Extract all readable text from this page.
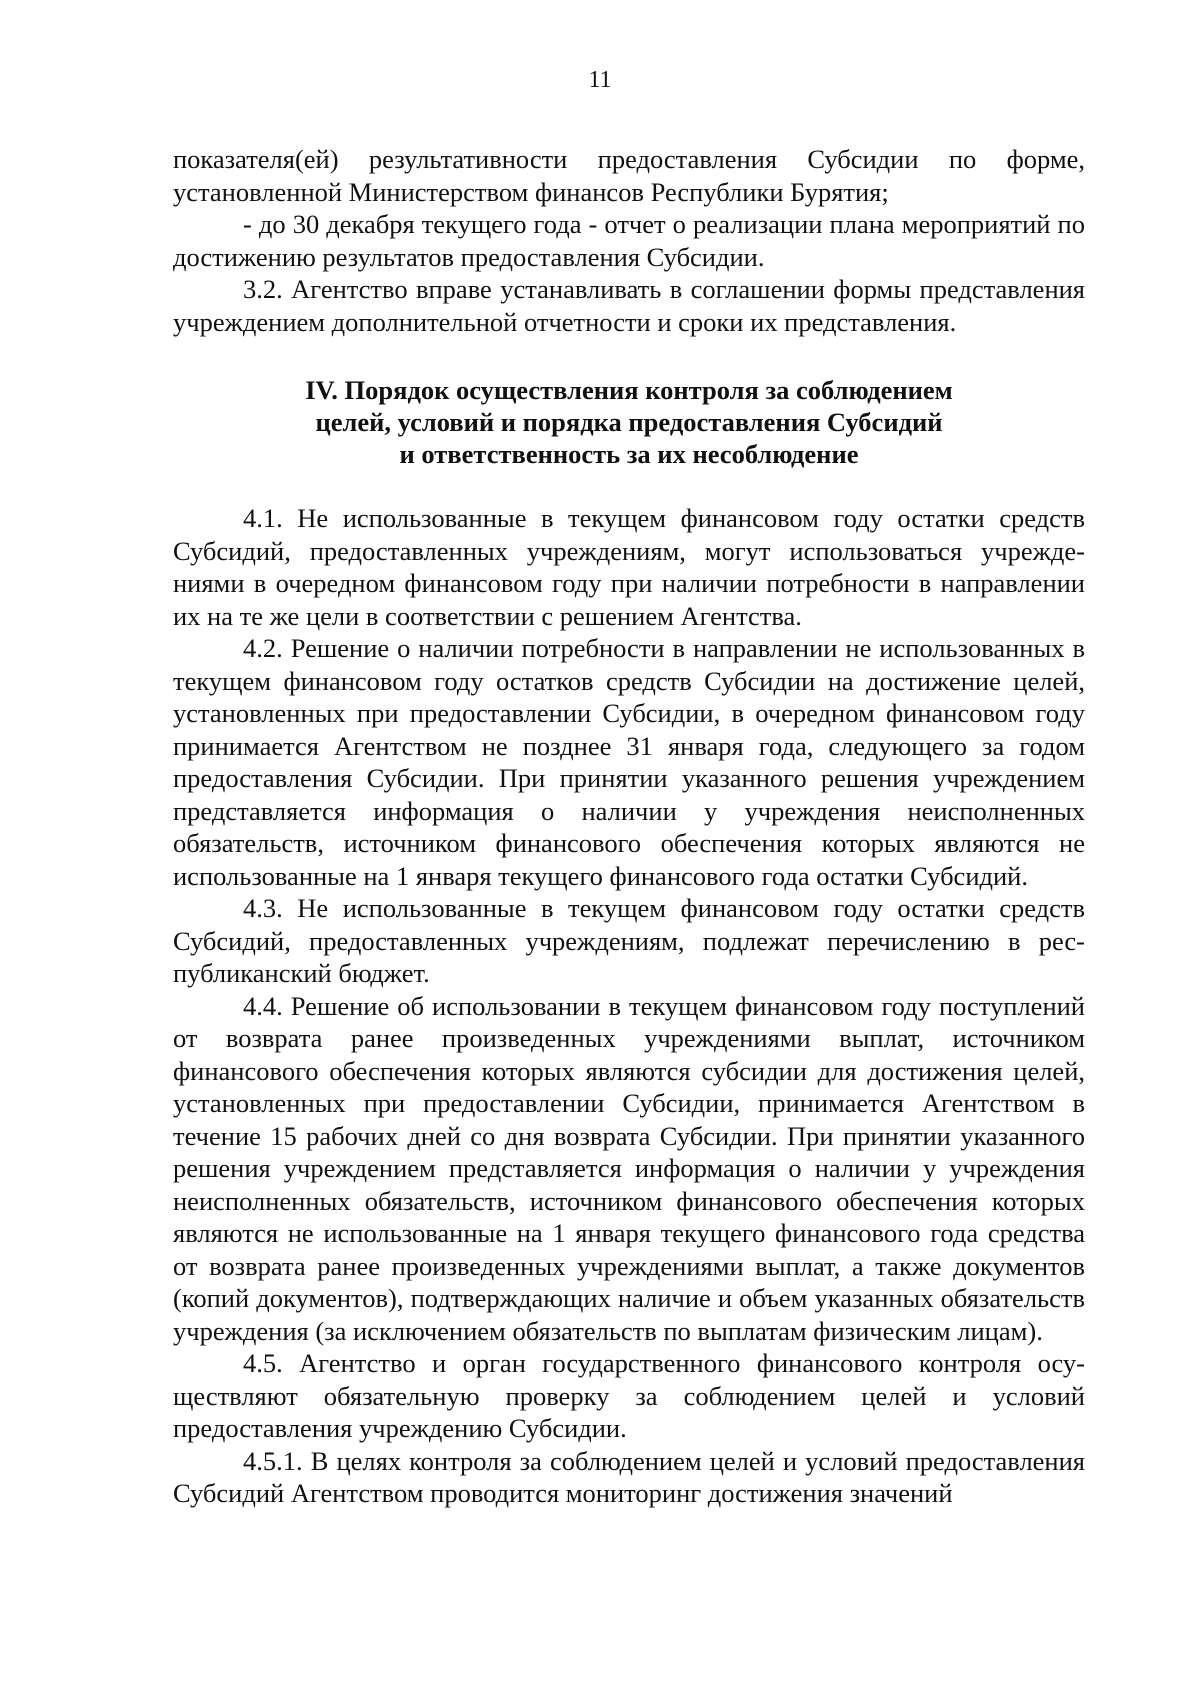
11

показателя(ей) результативности предоставления Субсидии по форме, установленной Министерством финансов Республики Бурятия;

- до 30 декабря текущего года - отчет о реализации плана мероприятий по достижению результатов предоставления Субсидии.

3.2. Агентство вправе устанавливать в соглашении формы представления учреждением дополнительной отчетности и сроки их представления.

IV. Порядок осуществления контроля за соблюдением
целей, условий и порядка предоставления Субсидий
и ответственность за их несоблюдение

4.1. Не использованные в текущем финансовом году остатки средств Субсидий, предоставленных учреждениям, могут использоваться учреждениями в очередном финансовом году при наличии потребности в направлении их на те же цели в соответствии с решением Агентства.

4.2. Решение о наличии потребности в направлении не использованных в текущем финансовом году остатков средств Субсидии на достижение целей, установленных при предоставлении Субсидии, в очередном финансовом году принимается Агентством не позднее 31 января года, следующего за годом предоставления Субсидии. При принятии указанного решения учреждением представляется информация о наличии у учреждения неисполненных обязательств, источником финансового обеспечения которых являются не использованные на 1 января текущего финансового года остатки Субсидий.

4.3. Не использованные в текущем финансовом году остатки средств Субсидий, предоставленных учреждениям, подлежат перечислению в республиканский бюджет.

4.4. Решение об использовании в текущем финансовом году поступлений от возврата ранее произведенных учреждениями выплат, источником финансового обеспечения которых являются субсидии для достижения целей, установленных при предоставлении Субсидии, принимается Агентством в течение 15 рабочих дней со дня возврата Субсидии. При принятии указанного решения учреждением представляется информация о наличии у учреждения неисполненных обязательств, источником финансового обеспечения которых являются не использованные на 1 января текущего финансового года средства от возврата ранее произведенных учреждениями выплат, а также документов (копий документов), подтверждающих наличие и объем указанных обязательств учреждения (за исключением обязательств по выплатам физическим лицам).

4.5. Агентство и орган государственного финансового контроля осуществляют обязательную проверку за соблюдением целей и условий предоставления учреждению Субсидии.

4.5.1. В целях контроля за соблюдением целей и условий предоставления Субсидий Агентством проводится мониторинг достижения значений
